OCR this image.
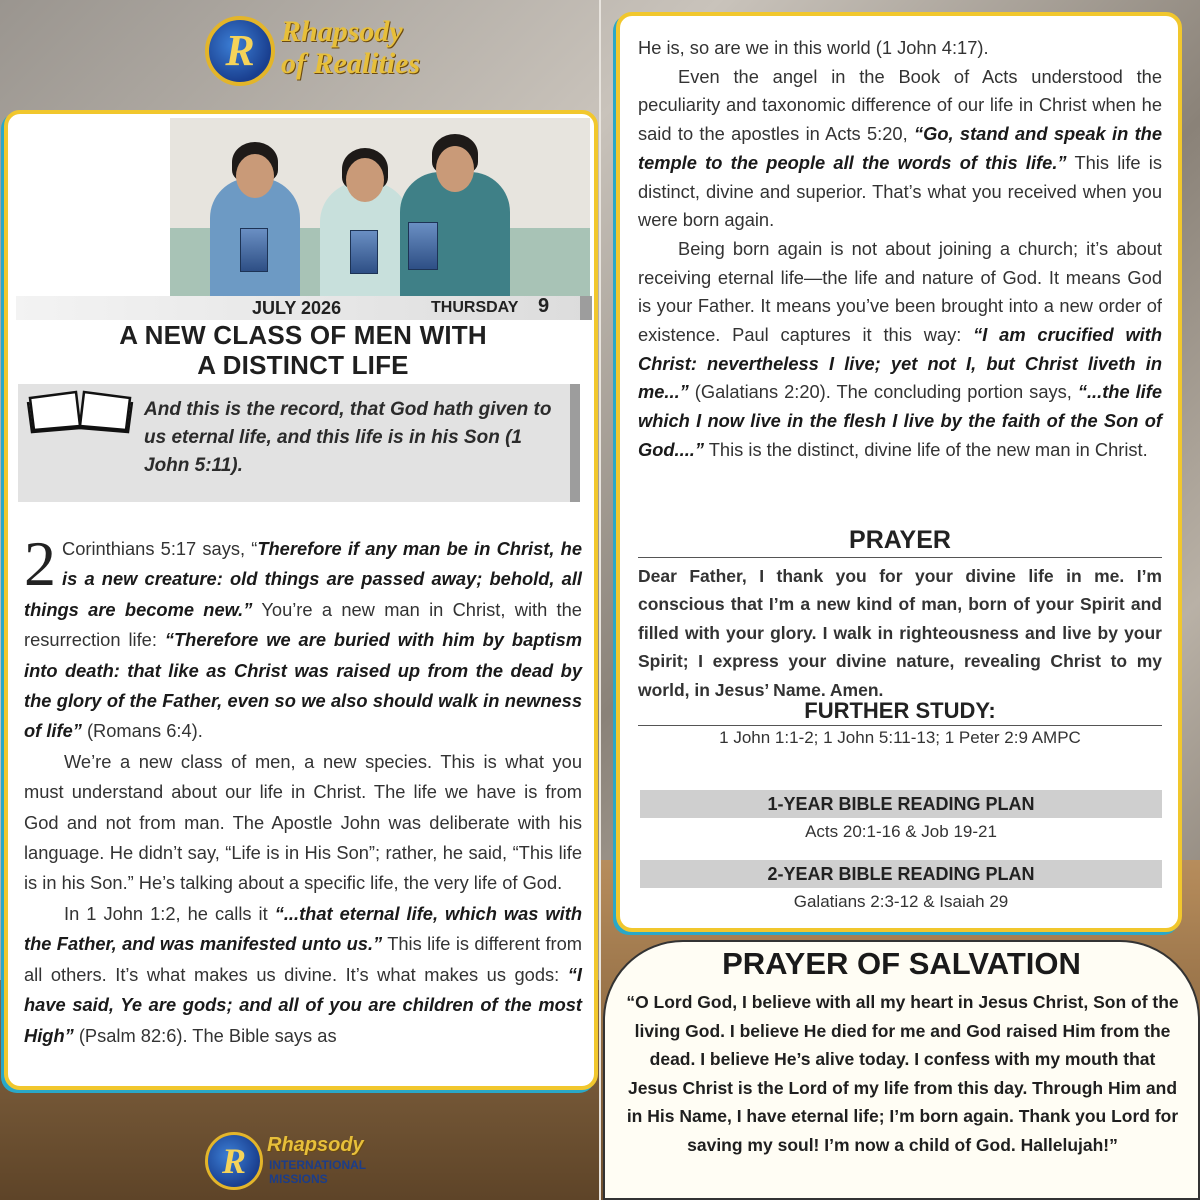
R Rhapsody
of Realities
JULY 2026	THURSDAY 9
A NEW CLASS OF MEN WITH
A DISTINCT LIFE
And this is the record, that God hath given to us eternal life, and this life is in his Son (1 John 5:11).

2 Corinthians 5:17 says, “Therefore if any man be in Christ, he is a new creature: old things are passed away; behold, all things are become new.” You’re a new man in Christ, with the resurrection life: “Therefore we are buried with him by baptism into death: that like as Christ was raised up from the dead by the glory of the Father, even so we also should walk in newness of life” (Romans 6:4).

We’re a new class of men, a new species. This is what you must understand about our life in Christ. The life we have is from God and not from man. The Apostle John was deliberate with his language. He didn’t say, “Life is in His Son”; rather, he said, “This life is in his Son.” He’s talking about a specific life, the very life of God.

In 1 John 1:2, he calls it “...that eternal life, which was with the Father, and was manifested unto us.” This life is different from all others. It’s what makes us divine. It’s what makes us gods: “I have said, Ye are gods; and all of you are children of the most High” (Psalm 82:6). The Bible says as

R	Rhapsody
INTERNATIONAL
MISSIONS

He is, so are we in this world (1 John 4:17).

Even the angel in the Book of Acts understood the peculiarity and taxonomic difference of our life in Christ when he said to the apostles in Acts 5:20, “Go, stand and speak in the temple to the people all the words of this life.” This life is distinct, divine and superior. That’s what you received when you were born again.

Being born again is not about joining a church; it’s about receiving eternal life—the life and nature of God. It means God is your Father. It means you’ve been brought into a new order of existence. Paul captures it this way: “I am crucified with Christ: nevertheless I live; yet not I, but Christ liveth in me...” (Galatians 2:20). The concluding portion says, “...the life which I now live in the flesh I live by the faith of the Son of God....” This is the distinct, divine life of the new man in Christ.

PRAYER
Dear Father, I thank you for your divine life in me. I’m conscious that I’m a new kind of man, born of your Spirit and filled with your glory. I walk in righteousness and live by your Spirit; I express your divine nature, revealing Christ to my world, in Jesus’ Name. Amen.
FURTHER STUDY:
1 John 1:1-2; 1 John 5:11-13; 1 Peter 2:9 AMPC
1-YEAR BIBLE READING PLAN
Acts 20:1-16 & Job 19-21
2-YEAR BIBLE READING PLAN
Galatians 2:3-12 & Isaiah 29
PRAYER OF SALVATION
“O Lord God, I believe with all my heart in Jesus Christ, Son of the living God. I believe He died for me and God raised Him from the dead. I believe He’s alive today. I confess with my mouth that Jesus Christ is the Lord of my life from this day. Through Him and in His Name, I have eternal life; I’m born again. Thank you Lord for saving my soul! I’m now a child of God. Hallelujah!”
